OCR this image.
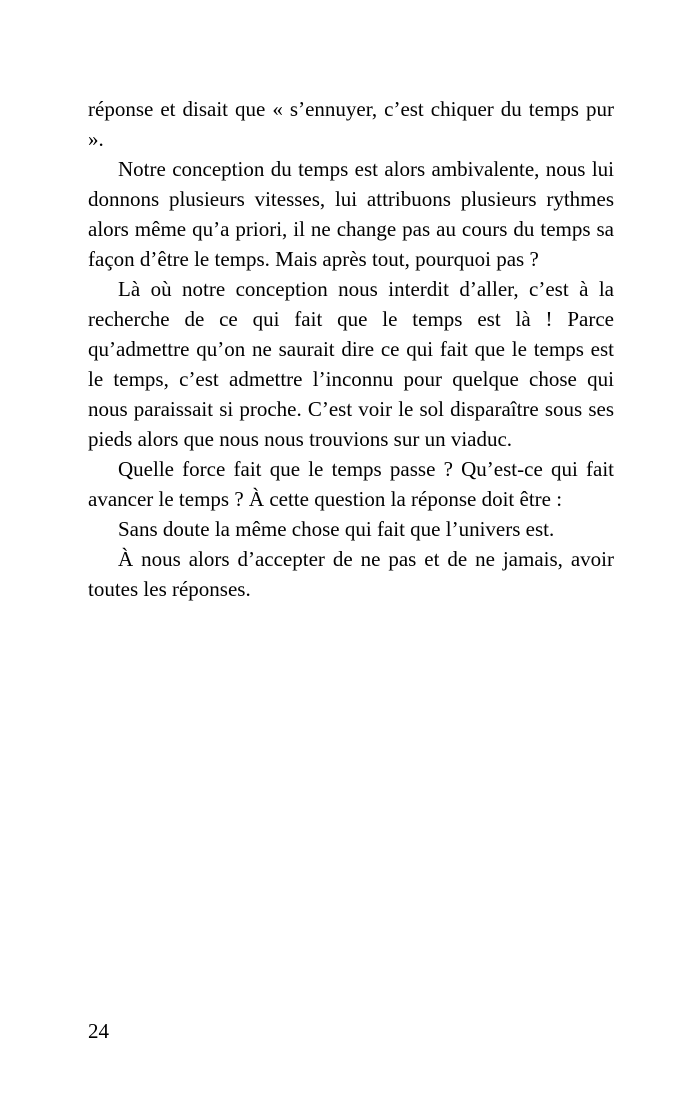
réponse et disait que « s’ennuyer, c’est chiquer du temps pur ».

Notre conception du temps est alors ambivalente, nous lui donnons plusieurs vitesses, lui attribuons plusieurs rythmes alors même qu’a priori, il ne change pas au cours du temps sa façon d’être le temps. Mais après tout, pourquoi pas ?

Là où notre conception nous interdit d’aller, c’est à la recherche de ce qui fait que le temps est là ! Parce qu’admettre qu’on ne saurait dire ce qui fait que le temps est le temps, c’est admettre l’inconnu pour quelque chose qui nous paraissait si proche. C’est voir le sol disparaître sous ses pieds alors que nous nous trouvions sur un viaduc.

Quelle force fait que le temps passe ? Qu’est-ce qui fait avancer le temps ? À cette question la réponse doit être :

Sans doute la même chose qui fait que l’univers est.

À nous alors d’accepter de ne pas et de ne jamais, avoir toutes les réponses.

24
